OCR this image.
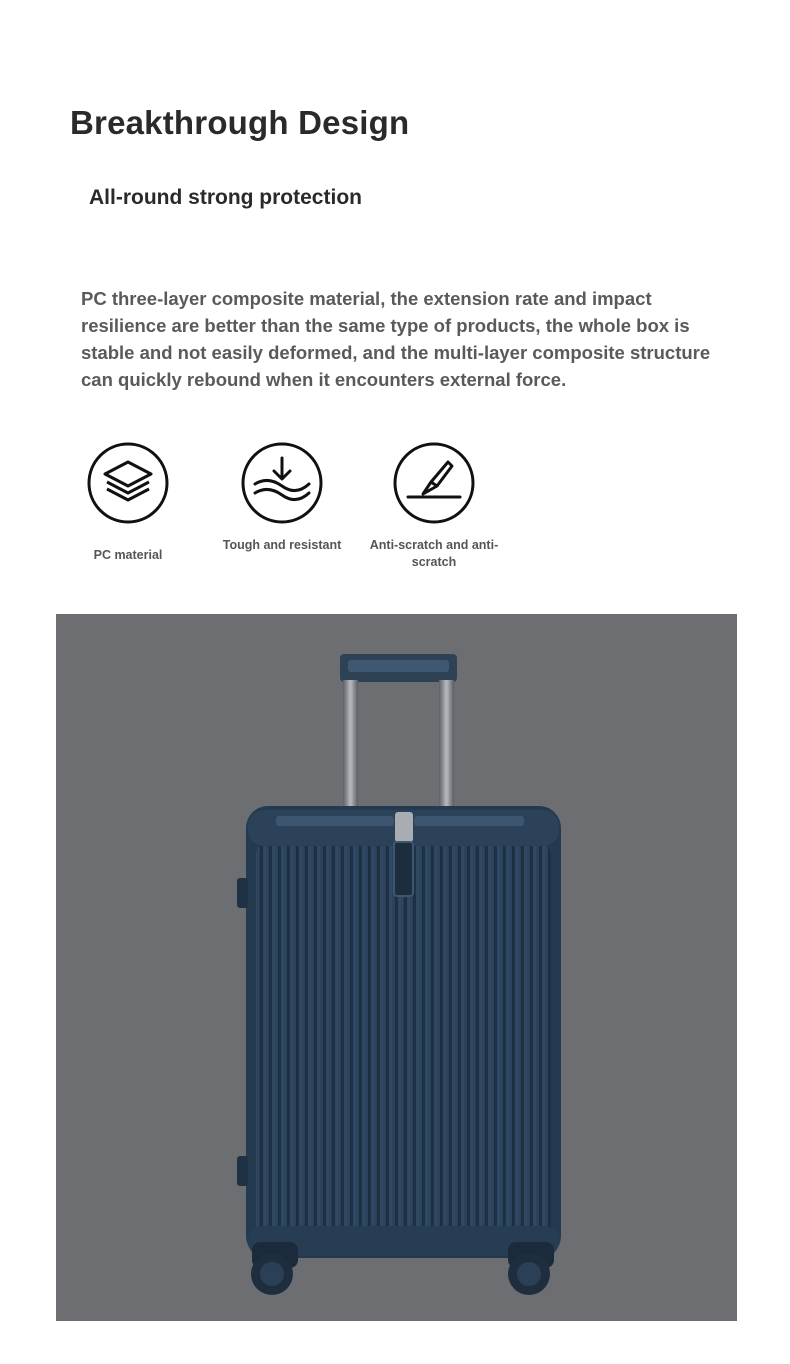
Breakthrough Design
All-round strong protection
PC three-layer composite material, the extension rate and impact resilience are better than the same type of products, the whole box is stable and not easily deformed, and the multi-layer composite structure can quickly rebound when it encounters external force.
PC material
Tough and resistant	Anti-scratch and anti-scratch
